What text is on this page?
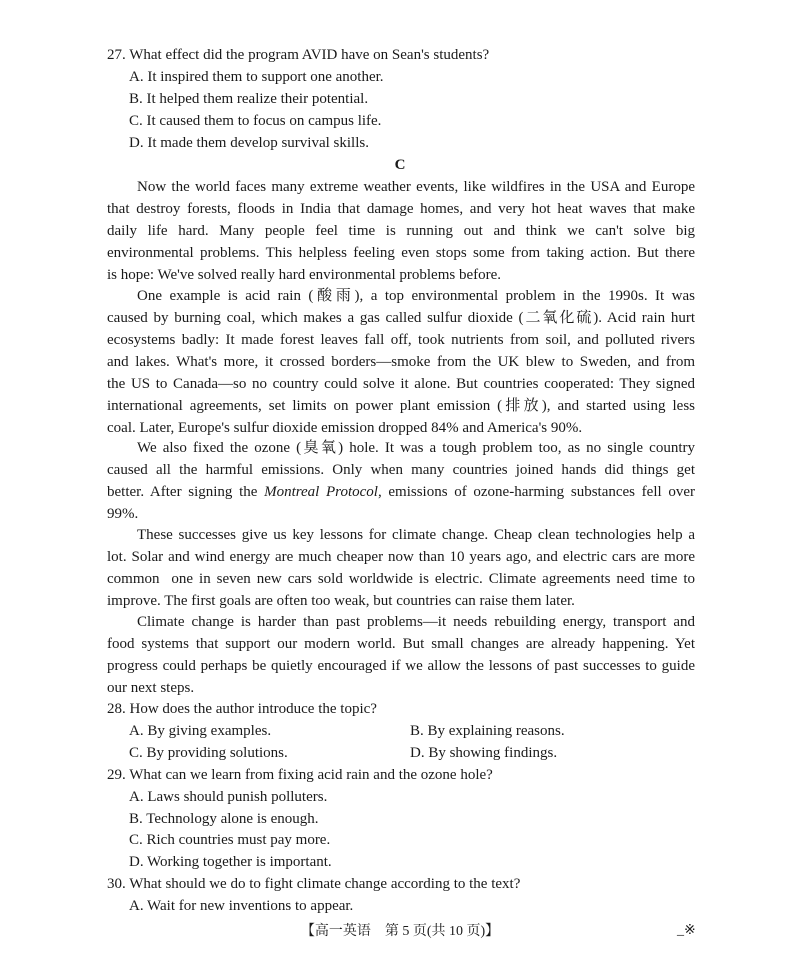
27. What effect did the program AVID have on Sean's students?
A. It inspired them to support one another.
B. It helped them realize their potential.
C. It caused them to focus on campus life.
D. It made them develop survival skills.
C
Now the world faces many extreme weather events, like wildfires in the USA and Europe
that destroy forests, floods in India that damage homes, and very hot heat waves that make
daily life hard. Many people feel time is running out and think we can't solve big
environmental problems. This helpless feeling even stops some from taking action. But there
is hope: We've solved really hard environmental problems before.
One example is acid rain (酸雨), a top environmental problem in the 1990s. It was
caused by burning coal, which makes a gas called sulfur dioxide (二氧化硫). Acid rain hurt
ecosystems badly: It made forest leaves fall off, took nutrients from soil, and polluted rivers
and lakes. What's more, it crossed borders—smoke from the UK blew to Sweden, and from
the US to Canada—so no country could solve it alone. But countries cooperated: They signed
international agreements, set limits on power plant emission (排放), and started using less
coal. Later, Europe's sulfur dioxide emission dropped 84% and America's 90%.
We also fixed the ozone (臭氧) hole. It was a tough problem too, as no single country
caused all the harmful emissions. Only when many countries joined hands did things get
better. After signing the Montreal Protocol, emissions of ozone-harming substances fell over
99%.
These successes give us key lessons for climate change. Cheap clean technologies help a
lot. Solar and wind energy are much cheaper now than 10 years ago, and electric cars are more
common  one in seven new cars sold worldwide is electric. Climate agreements need time to
improve. The first goals are often too weak, but countries can raise them later.
Climate change is harder than past problems—it needs rebuilding energy, transport and
food systems that support our modern world. But small changes are already happening. Yet
progress could perhaps be quietly encouraged if we allow the lessons of past successes to guide
our next steps.
28. How does the author introduce the topic?
A. By giving examples.	B. By explaining reasons.
C. By providing solutions.	D. By showing findings.
29. What can we learn from fixing acid rain and the ozone hole?
A. Laws should punish polluters.
B. Technology alone is enough.
C. Rich countries must pay more.
D. Working together is important.
30. What should we do to fight climate change according to the text?
A. Wait for new inventions to appear.
【高一英语　第 5 页(共 10 页)】	_※
